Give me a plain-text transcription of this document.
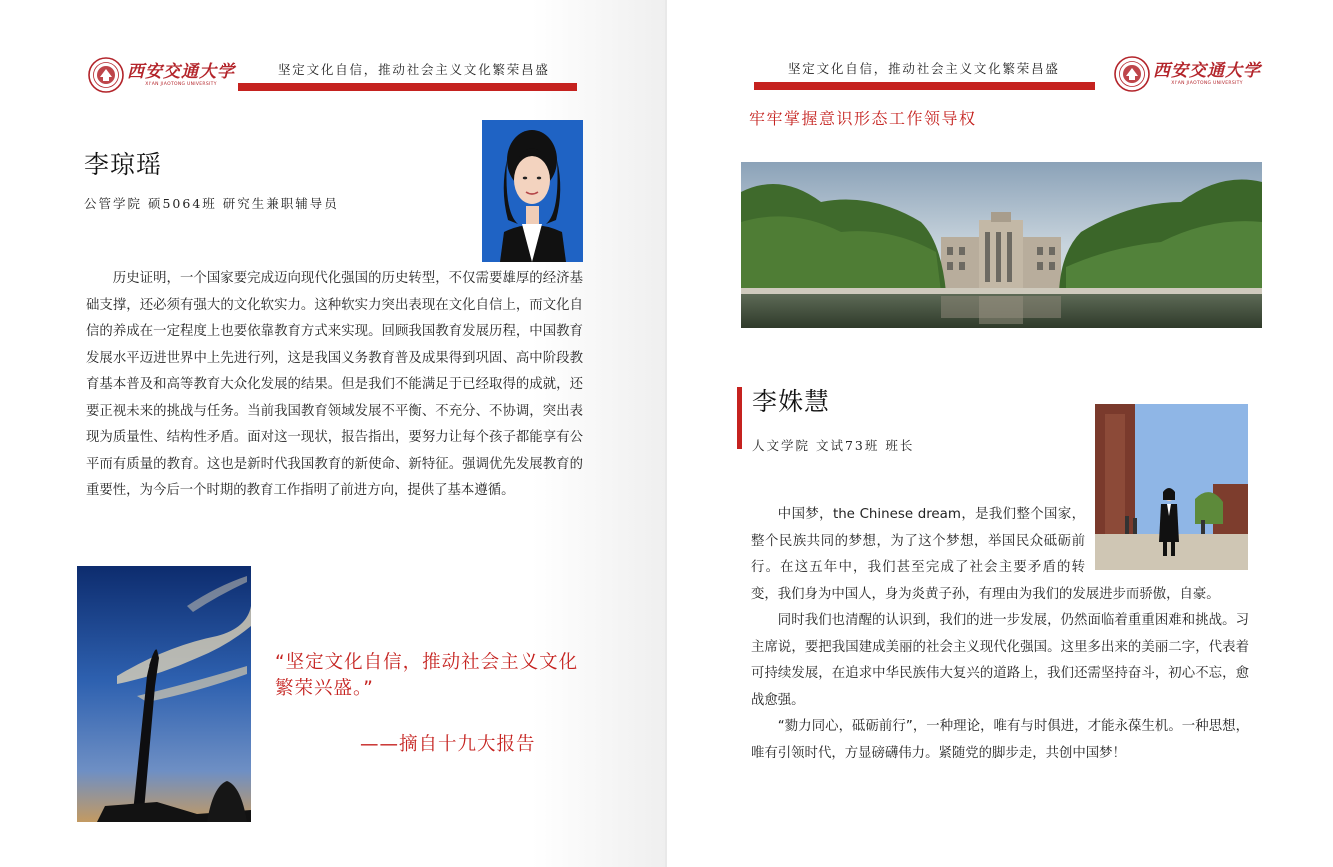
西安交通大学
XI'AN JIAOTONG UNIVERSITY
坚定文化自信，推动社会主义文化繁荣昌盛
李琼瑶
公管学院 硕5064班 研究生兼职辅导员

历史证明，一个国家要完成迈向现代化强国的历史转型，不仅需要雄厚的经济基础支撑，还必须有强大的文化软实力。这种软实力突出表现在文化自信上，而文化自信的养成在一定程度上也要依靠教育方式来实现。回顾我国教育发展历程，中国教育发展水平迈进世界中上先进行列，这是我国义务教育普及成果得到巩固、高中阶段教育基本普及和高等教育大众化发展的结果。但是我们不能满足于已经取得的成就，还要正视未来的挑战与任务。当前我国教育领域发展不平衡、不充分、不协调，突出表现为质量性、结构性矛盾。面对这一现状，报告指出，要努力让每个孩子都能享有公平而有质量的教育。这也是新时代我国教育的新使命、新特征。强调优先发展教育的重要性，为今后一个时期的教育工作指明了前进方向，提供了基本遵循。

“坚定文化自信，推动社会主义文化繁荣兴盛。”
——摘自十九大报告
坚定文化自信，推动社会主义文化繁荣昌盛	西安交通大学
XI'AN JIAOTONG UNIVERSITY
牢牢掌握意识形态工作领导权
李姝慧
人文学院 文试73班 班长

中国梦，the Chinese dream，是我们整个国家，整个民族共同的梦想，为了这个梦想，举国民众砥砺前行。在这五年中，我们甚至完成了社会主要矛盾的转变，我们身为中国人，身为炎黄子孙，有理由为我们的发展进步而骄傲，自豪。

同时我们也清醒的认识到，我们的进一步发展，仍然面临着重重困难和挑战。习主席说，要把我国建成美丽的社会主义现代化强国。这里多出来的美丽二字，代表着可持续发展，在追求中华民族伟大复兴的道路上，我们还需坚持奋斗，初心不忘，愈战愈强。

“勠力同心，砥砺前行”，一种理论，唯有与时俱进，才能永葆生机。一种思想，唯有引领时代，方显磅礴伟力。紧随党的脚步走，共创中国梦！
